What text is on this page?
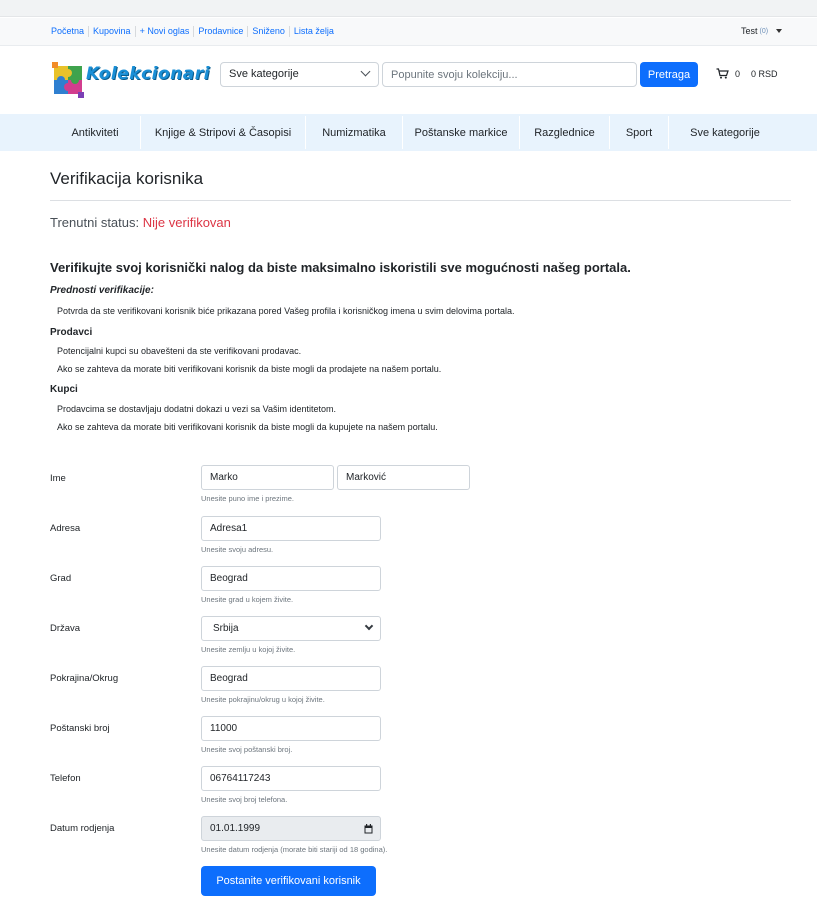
Početna	Kupovina	+ Novi oglas	Prodavnice	Sniženo	Lista želja	Test (0)
Kolekcionari	Sve kategorije
Popunite svoju kolekciju...	Pretraga	0 0 RSD
Antikviteti	Knjige & Stripovi & Časopisi	Numizmatika	Poštanske markice	Razglednice	Sport	Sve kategorije
Verifikacija korisnika
Trenutni status: Nije verifikovan
Verifikujte svoj korisnički nalog da biste maksimalno iskoristili sve mogućnosti našeg portala.
Prednosti verifikacije:
Potvrda da ste verifikovani korisnik biće prikazana pored Vašeg profila i korisničkog imena u svim delovima portala.
Prodavci
Potencijalni kupci su obavešteni da ste verifikovani prodavac.
Ako se zahteva da morate biti verifikovani korisnik da biste mogli da prodajete na našem portalu.
Kupci
Prodavcima se dostavljaju dodatni dokazi u vezi sa Vašim identitetom.
Ako se zahteva da morate biti verifikovani korisnik da biste mogli da kupujete na našem portalu.
Ime	Marko	Marković
Unesite puno ime i prezime.
Adresa	Adresa1
Unesite svoju adresu.
Grad	Beograd
Unesite grad u kojem živite.
Država	Srbija
Unesite zemlju u kojoj živite.
Pokrajina/Okrug	Beograd
Unesite pokrajinu/okrug u kojoj živite.
Poštanski broj	11000
Unesite svoj poštanski broj.
Telefon	06764117243
Unesite svoj broj telefona.
Datum rodjenja	01.01.1999
Unesite datum rodjenja (morate biti stariji od 18 godina).
Postanite verifikovani korisnik
